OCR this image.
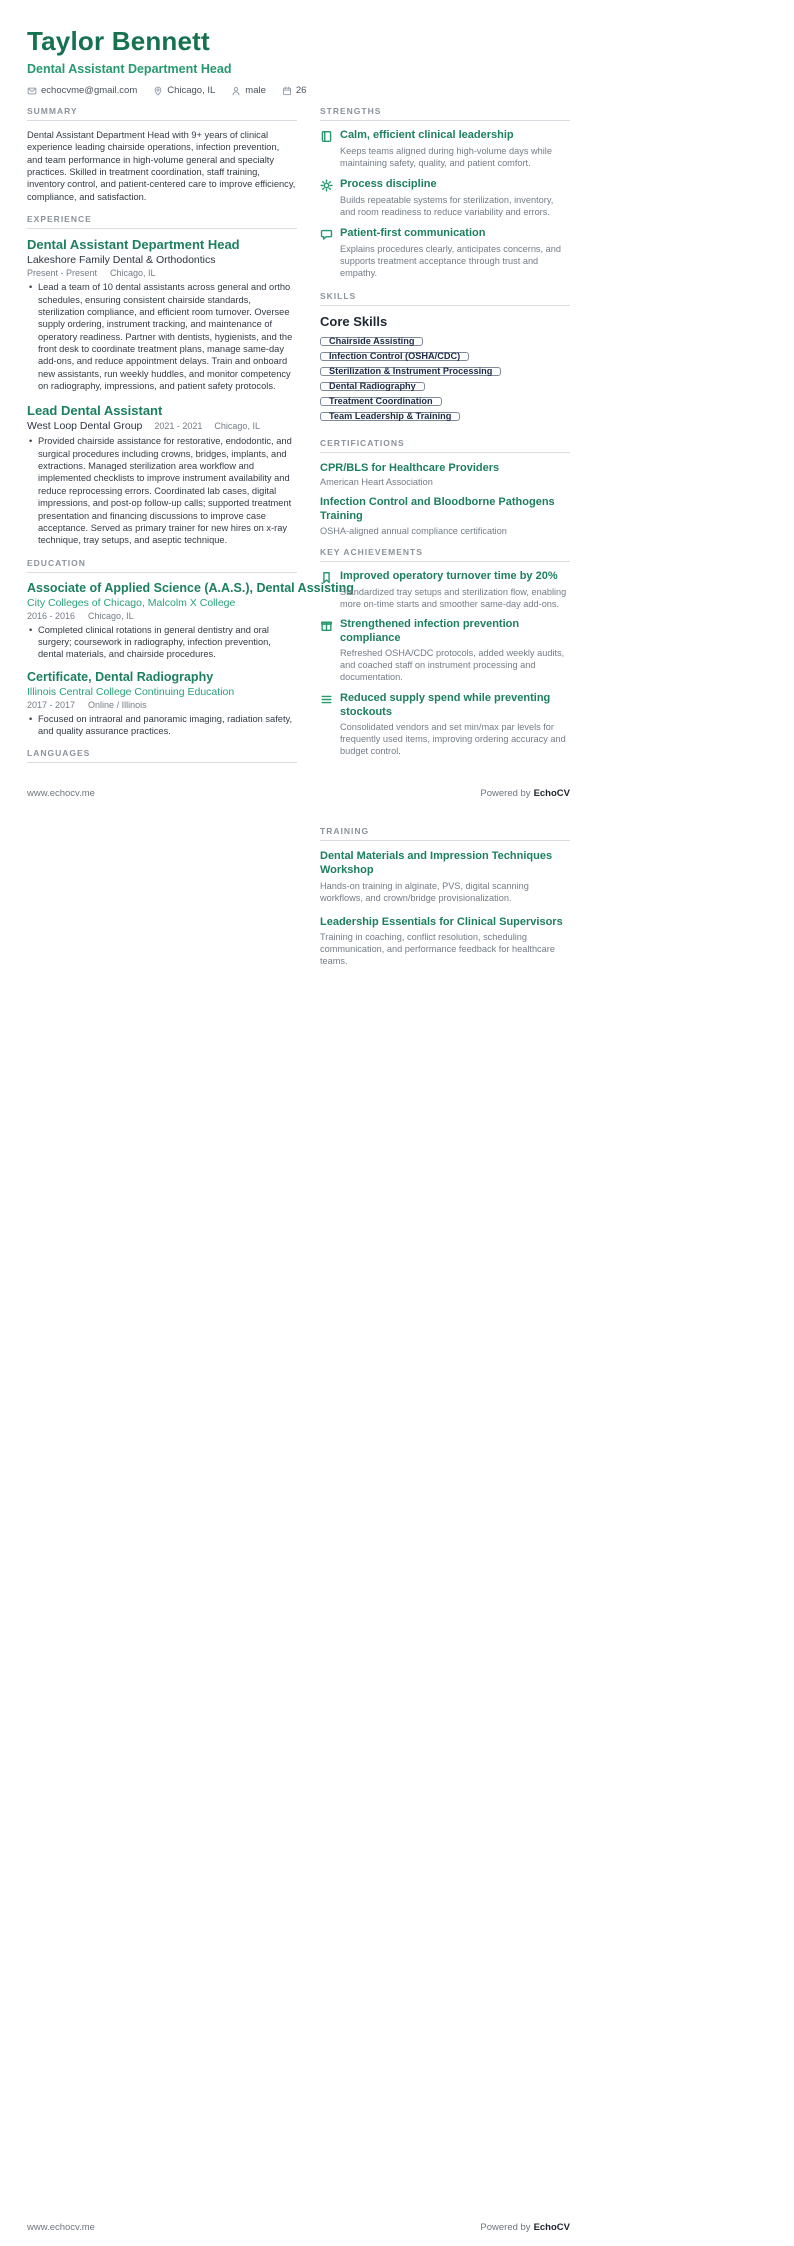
Taylor Bennett
Dental Assistant Department Head
echocvme@gmail.com	Chicago, IL	male	26
SUMMARY

Dental Assistant Department Head with 9+ years of clinical experience leading chairside operations, infection prevention, and team performance in high-volume general and specialty practices. Skilled in treatment coordination, staff training, inventory control, and patient-centered care to improve efficiency, compliance, and satisfaction.

EXPERIENCE
Dental Assistant Department Head
Lakeshore Family Dental & Orthodontics
Present - Present Chicago, IL
• Lead a team of 10 dental assistants across general and ortho schedules, ensuring consistent chairside standards, sterilization compliance, and efficient room turnover. Oversee supply ordering, instrument tracking, and maintenance of operatory readiness. Partner with dentists, hygienists, and the front desk to coordinate treatment plans, manage same-day add-ons, and reduce appointment delays. Train and onboard new assistants, run weekly huddles, and monitor competency on radiography, impressions, and patient safety protocols.
Lead Dental Assistant
West Loop Dental Group 2021 - 2021 Chicago, IL
• Provided chairside assistance for restorative, endodontic, and surgical procedures including crowns, bridges, implants, and extractions. Managed sterilization area workflow and implemented checklists to improve instrument availability and reduce reprocessing errors. Coordinated lab cases, digital impressions, and post-op follow-up calls; supported treatment presentation and financing discussions to improve case acceptance. Served as primary trainer for new hires on x-ray technique, tray setups, and aseptic technique.
EDUCATION
Associate of Applied Science (A.A.S.), Dental Assisting
City Colleges of Chicago, Malcolm X College
2016 - 2016 Chicago, IL
• Completed clinical rotations in general dentistry and oral surgery; coursework in radiography, infection prevention, dental materials, and chairside procedures.
Certificate, Dental Radiography
Illinois Central College Continuing Education
2017 - 2017 Online / Illinois
• Focused on intraoral and panoramic imaging, radiation safety, and quality assurance practices.
LANGUAGES
STRENGTHS
Calm, efficient clinical leadership
Keeps teams aligned during high-volume days while maintaining safety, quality, and patient comfort.
Process discipline
Builds repeatable systems for sterilization, inventory, and room readiness to reduce variability and errors.
Patient-first communication
Explains procedures clearly, anticipates concerns, and supports treatment acceptance through trust and empathy.
SKILLS
Core Skills
Chairside Assisting
Infection Control (OSHA/CDC)
Sterilization & Instrument Processing
Dental Radiography
Treatment Coordination
Team Leadership & Training
CERTIFICATIONS
CPR/BLS for Healthcare Providers
American Heart Association
Infection Control and Bloodborne Pathogens Training
OSHA-aligned annual compliance certification
KEY ACHIEVEMENTS
Improved operatory turnover time by 20%
Standardized tray setups and sterilization flow, enabling more on-time starts and smoother same-day add-ons.
Strengthened infection prevention compliance
Refreshed OSHA/CDC protocols, added weekly audits, and coached staff on instrument processing and documentation.
Reduced supply spend while preventing stockouts
Consolidated vendors and set min/max par levels for frequently used items, improving ordering accuracy and budget control.
www.echocv.me	Powered by EchoCV
TRAINING
Dental Materials and Impression Techniques Workshop
Hands-on training in alginate, PVS, digital scanning workflows, and crown/bridge provisionalization.
Leadership Essentials for Clinical Supervisors
Training in coaching, conflict resolution, scheduling communication, and performance feedback for healthcare teams.
www.echocv.me	Powered by EchoCV
